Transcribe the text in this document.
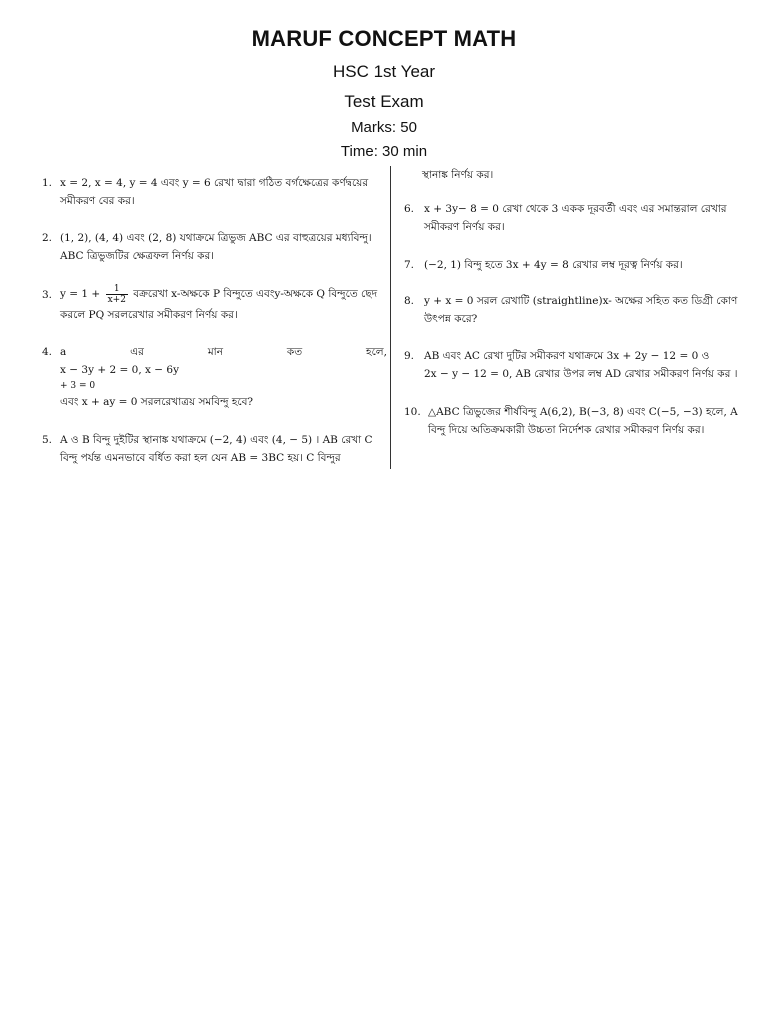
MARUF CONCEPT MATH
HSC 1st Year
Test Exam
Marks: 50
Time: 30 min
1. x = 2, x = 4, y = 4 এবং y = 6 রেখা দ্বারা গঠিত বর্গক্ষেত্রের কর্ণদ্বয়ের
সমীকরণ বের কর।
2. (1, 2), (4, 4) এবং (2, 8) যথাক্রমে ত্রিভুজ ABC এর বাহুত্রয়ের মধ্যবিন্দু।
ABC ত্রিভুজটির ক্ষেত্রফল নির্ণয় কর।
3. $y = 1 + \frac{1}{x+2}$ বক্ররেখা x-অক্ষকে P বিন্দুতে এবংy-অক্ষকে Q বিন্দুতে ছেদ
করলে PQ সরলরেখার সমীকরণ নির্ণয় কর।
4. a	এর	মান	কত	হলে,
x − 3y + 2 = 0, x − 6y
+ 3 = 0
এবং x + ay = 0 সরলরেখাত্রয় সমবিন্দু হবে?
5. A ও B বিন্দু দুইটির স্থানাঙ্ক যথাক্রমে (−2, 4) এবং (4, − 5) । AB রেখা C
বিন্দু পর্যন্ত এমনভাবে বর্ধিত করা হল যেন AB = 3BC হয়। C বিন্দুর
স্থানাঙ্ক নির্ণয় কর।
6. x + 3y− 8 = 0 রেখা থেকে 3 একক দূরবর্তী এবং এর সমান্তরাল রেখার
সমীকরণ নির্ণয় কর।
7. (−2, 1) বিন্দু হতে 3x + 4y = 8 রেখার লম্ব দূরত্ব নির্ণয় কর।
8. y + x = 0 সরল রেখাটি (straightline)x- অক্ষের সহিত কত ডিগ্রী কোণ
উৎপন্ন করে?
9. AB এবং AC রেখা দুটির সমীকরণ যথাক্রমে 3x + 2y − 12 = 0 ও
2x − y − 12 = 0, AB রেখার উপর লম্ব AD রেখার সমীকরণ নির্ণয় কর ।
10. △ABC ত্রিভুজের শীর্ষবিন্দু A(6,2), B(−3, 8) এবং C(−5, −3) হলে, A
বিন্দু দিয়ে অতিক্রমকারী উচ্চতা নির্দেশক রেখার সমীকরণ নির্ণয় কর।
